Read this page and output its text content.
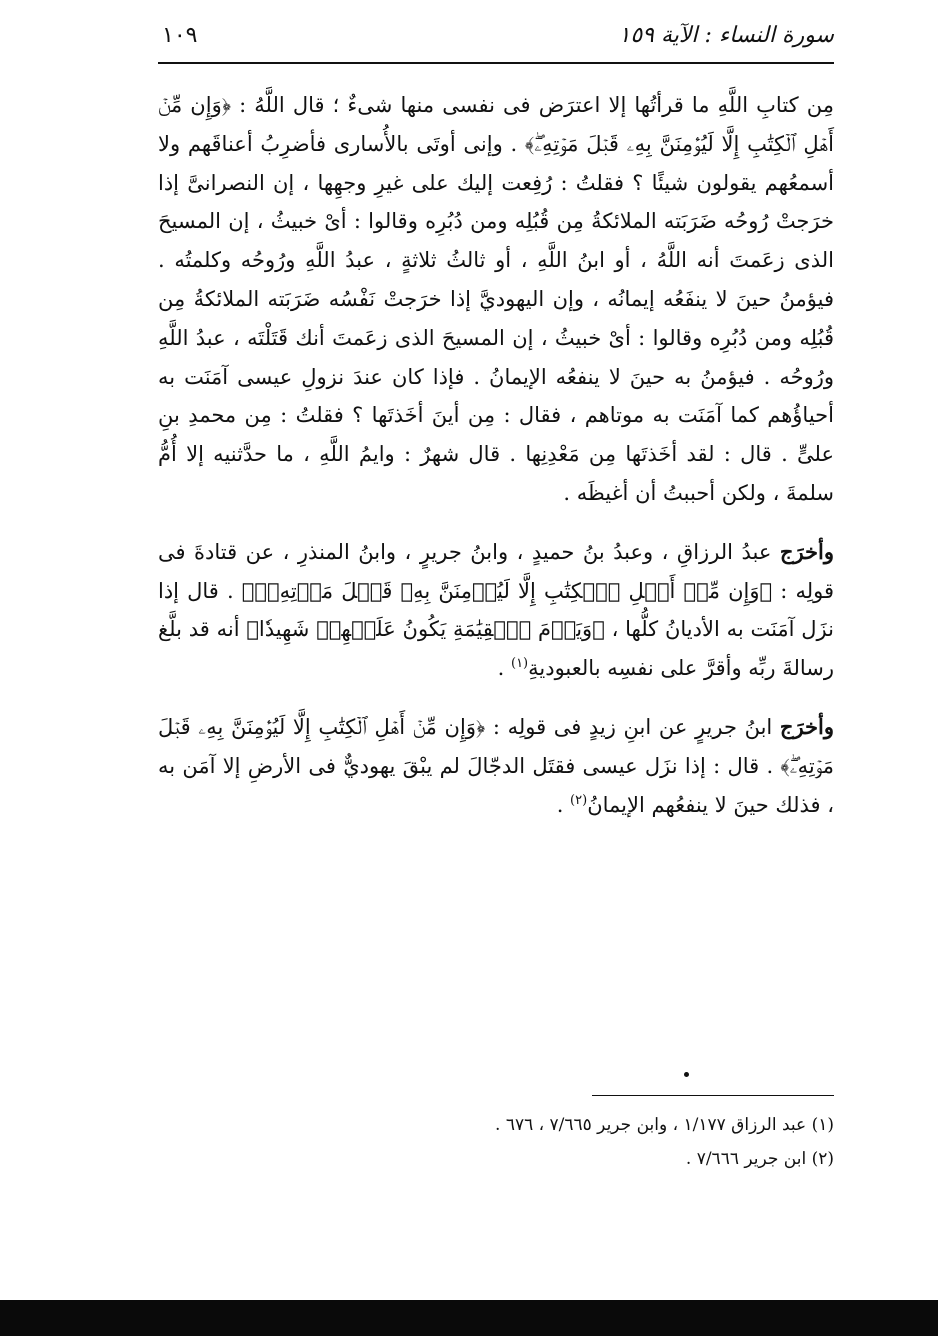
سورة النساء : الآية ١٥٩
١٠٩

مِن كتابِ اللَّهِ ما قرأتُها إلا اعترَض فى نفسى منها شىءٌ ؛ قال اللَّهُ : ﴿وَإِن مِّنۡ أَهۡلِ ٱلۡكِتَٰبِ إِلَّا لَيُؤۡمِنَنَّ بِهِۦ قَبۡلَ مَوۡتِهِۦۖ﴾ . وإنى أوتَى بالأُسارى فأضرِبُ أعناقَهم ولا أسمعُهم يقولون شيئًا ؟ فقلتُ : رُفِعت إليك على غيرِ وجهِها ، إن النصرانىَّ إذا خرَجتْ رُوحُه ضَرَبَته الملائكةُ مِن قُبُلِه ومن دُبُرِه وقالوا : أىْ خبيثُ ، إن المسيحَ الذى زعَمتَ أنه اللَّهُ ، أو ابنُ اللَّهِ ، أو ثالثُ ثلاثةٍ ، عبدُ اللَّهِ ورُوحُه وكلمتُه . فيؤمنُ حينَ لا ينفَعُه إيمانُه ، وإن اليهوديَّ إذا خرَجتْ نَفْسُه ضَرَبَته الملائكةُ مِن قُبُلِه ومن دُبُرِه وقالوا : أىْ خبيثُ ، إن المسيحَ الذى زعَمتَ أنك قَتَلْتَه ، عبدُ اللَّهِ ورُوحُه . فيؤمنُ به حينَ لا ينفعُه الإيمانُ . فإذا كان عندَ نزولِ عيسى آمَنَت به أحياؤُهم كما آمَنَت به موتاهم ، فقال : مِن أينَ أخَذتَها ؟ فقلتُ : مِن محمدِ بنِ علىٍّ . قال : لقد أخَذتَها مِن مَعْدِنِها . قال شهرٌ : وايمُ اللَّهِ ، ما حدَّثنيه إلا أُمُّ سلمةَ ، ولكن أحببتُ أن أغيظَه .

وأخرَج عبدُ الرزاقِ ، وعبدُ بنُ حميدٍ ، وابنُ جريرٍ ، وابنُ المنذرِ ، عن قتادةَ فى قولِه : ﴿وَإِن مِّنۡ أَهۡلِ ٱلۡكِتَٰبِ إِلَّا لَيُؤۡمِنَنَّ بِهِۦ قَبۡلَ مَوۡتِهِۦۖ﴾ . قال إذا نزَل آمَنَت به الأديانُ كلُّها ، ﴿وَيَوۡمَ ٱلۡقِيَٰمَةِ يَكُونُ عَلَيۡهِمۡ شَهِيدٗا﴾ أنه قد بلَّغ رسالةَ ربِّه وأقرَّ على نفسِه بالعبوديةِ$^{(١)}$ .

وأخرَج ابنُ جريرٍ عن ابنِ زيدٍ فى قولِه : ﴿وَإِن مِّنۡ أَهۡلِ ٱلۡكِتَٰبِ إِلَّا لَيُؤۡمِنَنَّ بِهِۦ قَبۡلَ مَوۡتِهِۦۖ﴾ . قال : إذا نزَل عيسى فقتَل الدجّالَ لم يبْقَ يهوديٌّ فى الأرضِ إلا آمَن به ، فذلك حينَ لا ينفعُهم الإيمانُ$^{(٢)}$ .

(١) عبد الرزاق ١/١٧٧ ، وابن جرير ٧/٦٦٥ ، ٦٧٦ .

(٢) ابن جرير ٧/٦٦٦ .
